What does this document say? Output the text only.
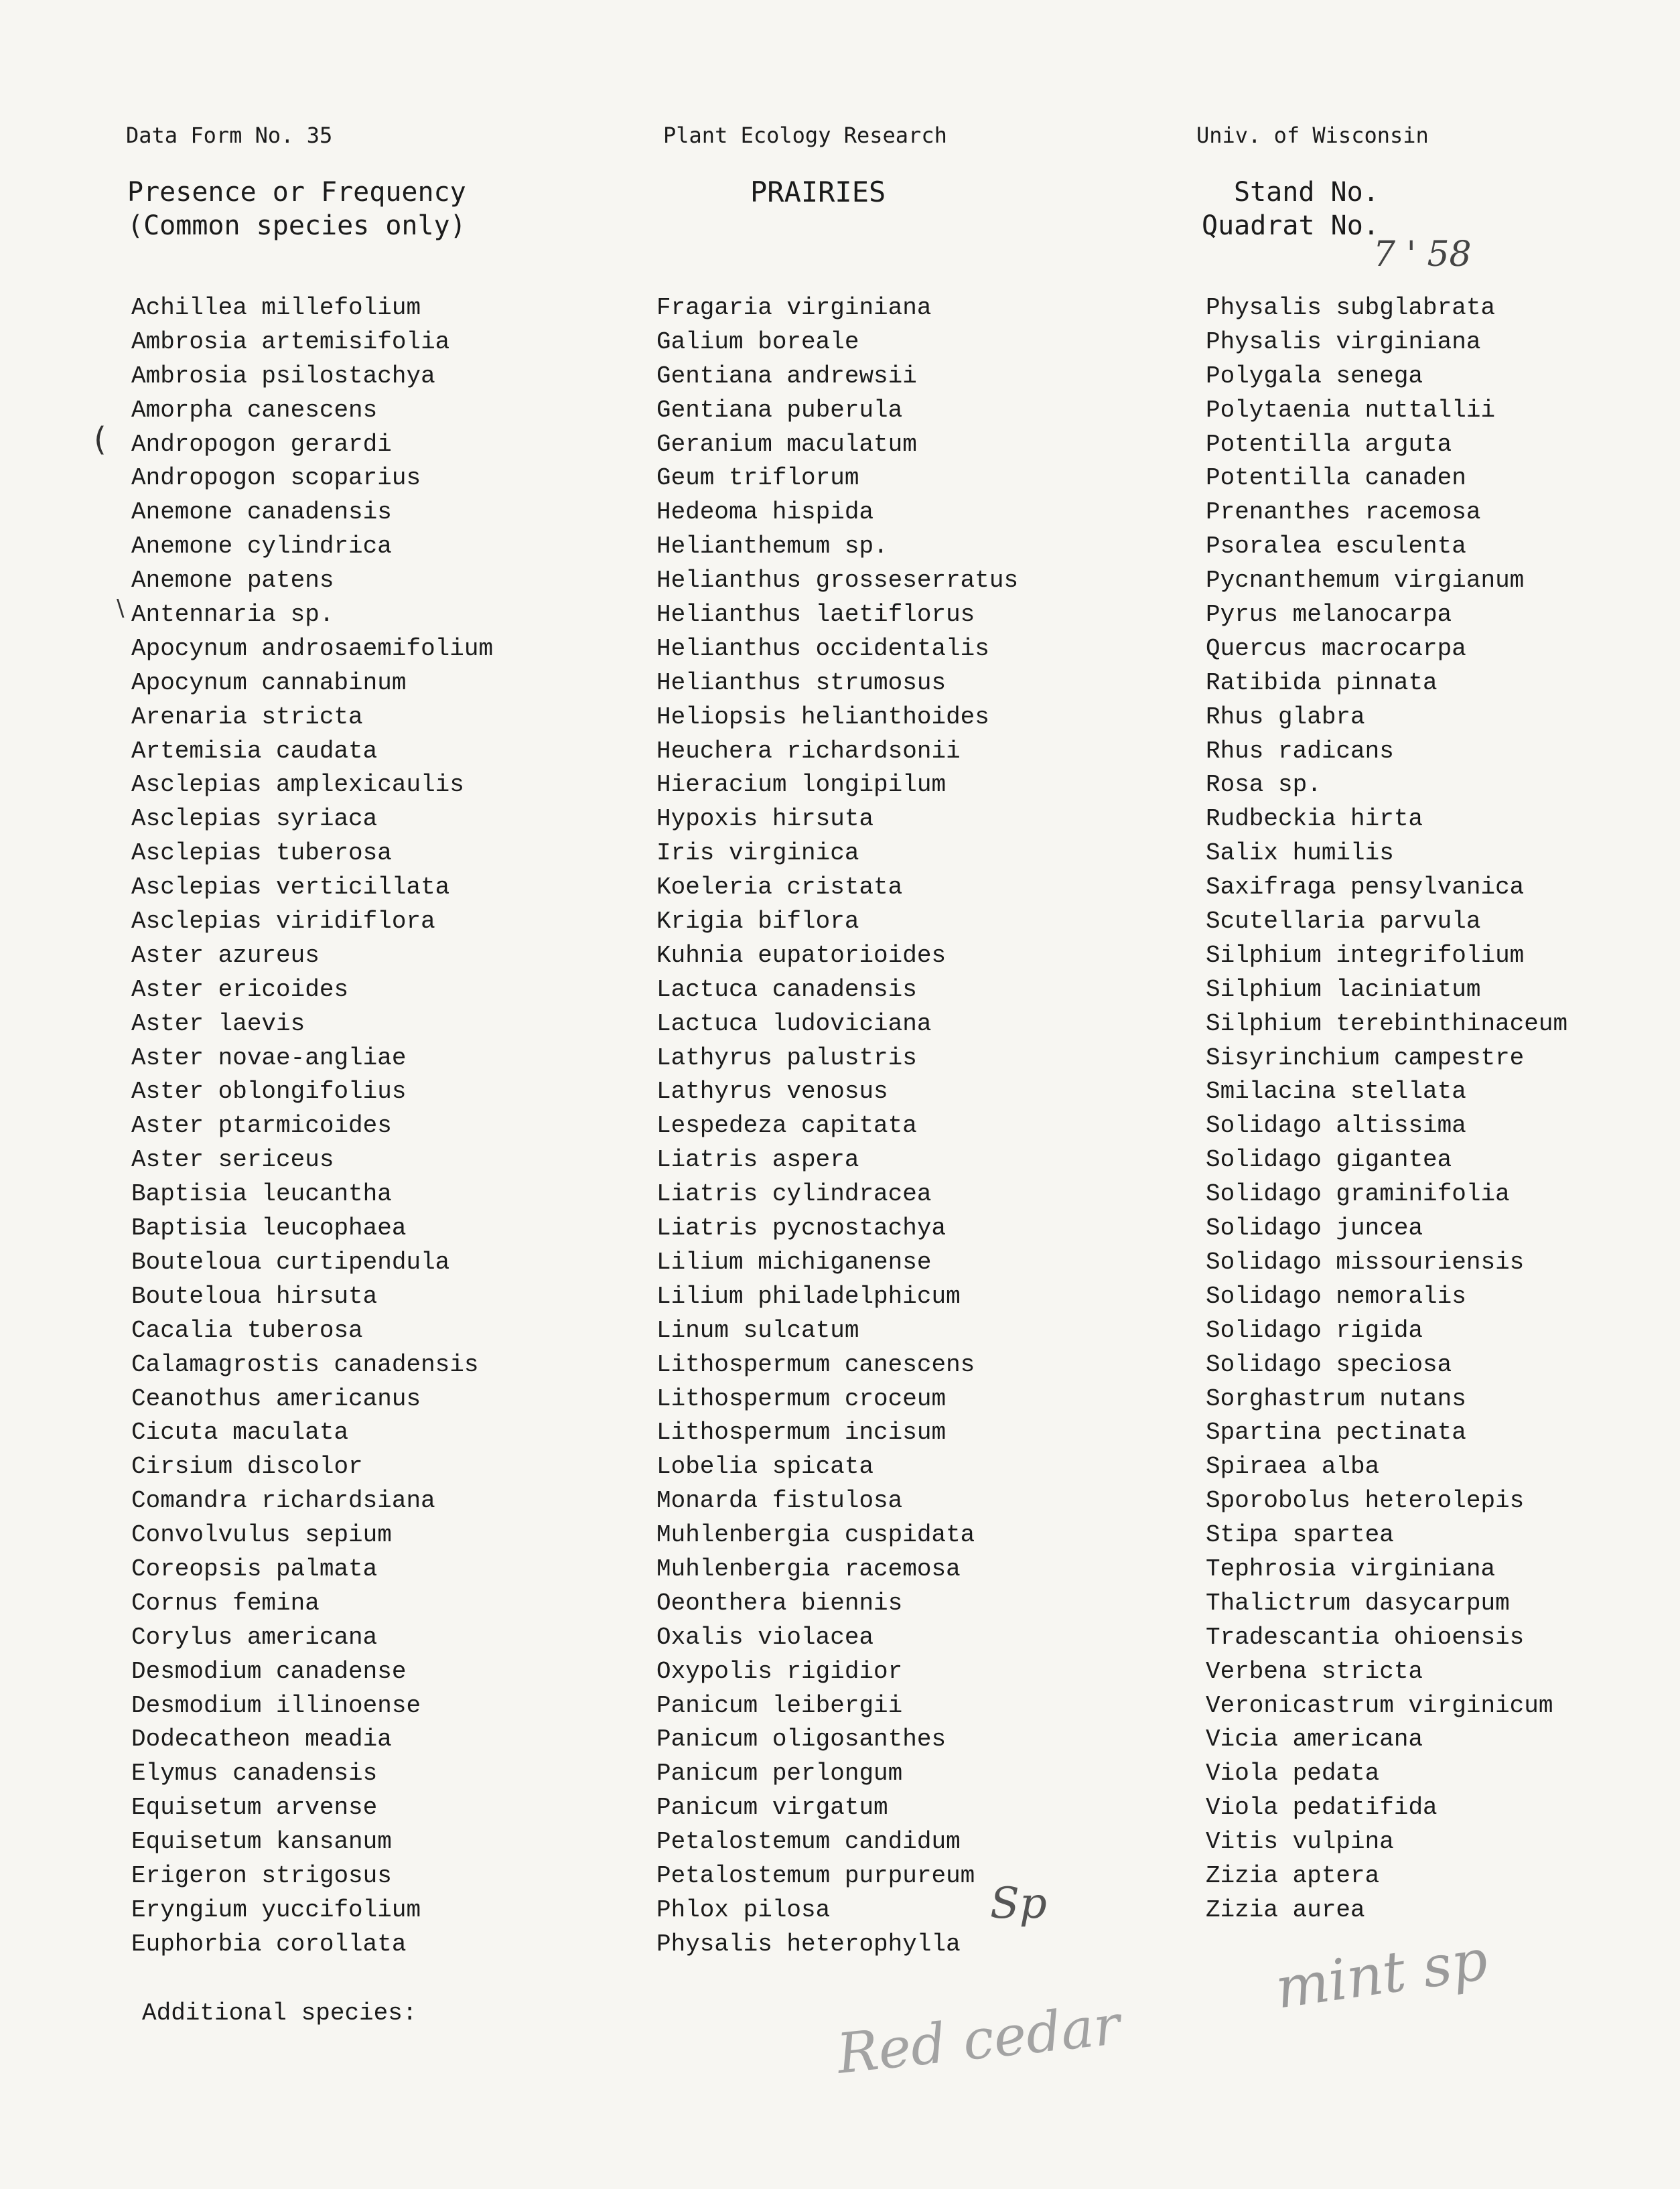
Data Form No. 35	Plant Ecology Research	Univ. of Wisconsin
Presence or Frequency
(Common species only)
PRAIRIES	Stand No.
Quadrat No.
7 ' 58
Achillea millefolium
Ambrosia artemisifolia
Ambrosia psilostachya
Amorpha canescens
Andropogon gerardi
Andropogon scoparius
Anemone canadensis
Anemone cylindrica
Anemone patens
Antennaria sp.
Apocynum androsaemifolium
Apocynum cannabinum
Arenaria stricta
Artemisia caudata
Asclepias amplexicaulis
Asclepias syriaca
Asclepias tuberosa
Asclepias verticillata
Asclepias viridiflora
Aster azureus
Aster ericoides
Aster laevis
Aster novae-angliae
Aster oblongifolius
Aster ptarmicoides
Aster sericeus
Baptisia leucantha
Baptisia leucophaea
Bouteloua curtipendula
Bouteloua hirsuta
Cacalia tuberosa
Calamagrostis canadensis
Ceanothus americanus
Cicuta maculata
Cirsium discolor
Comandra richardsiana
Convolvulus sepium
Coreopsis palmata
Cornus femina
Corylus americana
Desmodium canadense
Desmodium illinoense
Dodecatheon meadia
Elymus canadensis
Equisetum arvense
Equisetum kansanum
Erigeron strigosus
Eryngium yuccifolium
Euphorbia corollata
Fragaria virginiana
Galium boreale
Gentiana andrewsii
Gentiana puberula
Geranium maculatum
Geum triflorum
Hedeoma hispida
Helianthemum sp.
Helianthus grosseserratus
Helianthus laetiflorus
Helianthus occidentalis
Helianthus strumosus
Heliopsis helianthoides
Heuchera richardsonii
Hieracium longipilum
Hypoxis hirsuta
Iris virginica
Koeleria cristata
Krigia biflora
Kuhnia eupatorioides
Lactuca canadensis
Lactuca ludoviciana
Lathyrus palustris
Lathyrus venosus
Lespedeza capitata
Liatris aspera
Liatris cylindracea
Liatris pycnostachya
Lilium michiganense
Lilium philadelphicum
Linum sulcatum
Lithospermum canescens
Lithospermum croceum
Lithospermum incisum
Lobelia spicata
Monarda fistulosa
Muhlenbergia cuspidata
Muhlenbergia racemosa
Oeonthera biennis
Oxalis violacea
Oxypolis rigidior
Panicum leibergii
Panicum oligosanthes
Panicum perlongum
Panicum virgatum
Petalostemum candidum
Petalostemum purpureum
Phlox pilosa
Physalis heterophylla
Physalis subglabrata
Physalis virginiana
Polygala senega
Polytaenia nuttallii
Potentilla arguta
Potentilla canaden
Prenanthes racemosa
Psoralea esculenta
Pycnanthemum virgianum
Pyrus melanocarpa
Quercus macrocarpa
Ratibida pinnata
Rhus glabra
Rhus radicans
Rosa sp.
Rudbeckia hirta
Salix humilis
Saxifraga pensylvanica
Scutellaria parvula
Silphium integrifolium
Silphium laciniatum
Silphium terebinthinaceum
Sisyrinchium campestre
Smilacina stellata
Solidago altissima
Solidago gigantea
Solidago graminifolia
Solidago juncea
Solidago missouriensis
Solidago nemoralis
Solidago rigida
Solidago speciosa
Sorghastrum nutans
Spartina pectinata
Spiraea alba
Sporobolus heterolepis
Stipa spartea
Tephrosia virginiana
Thalictrum dasycarpum
Tradescantia ohioensis
Verbena stricta
Veronicastrum virginicum
Vicia americana
Viola pedata
Viola pedatifida
Vitis vulpina
Zizia aptera
Zizia aurea
(
\
Sp
Additional species:	mint sp
Red cedar
